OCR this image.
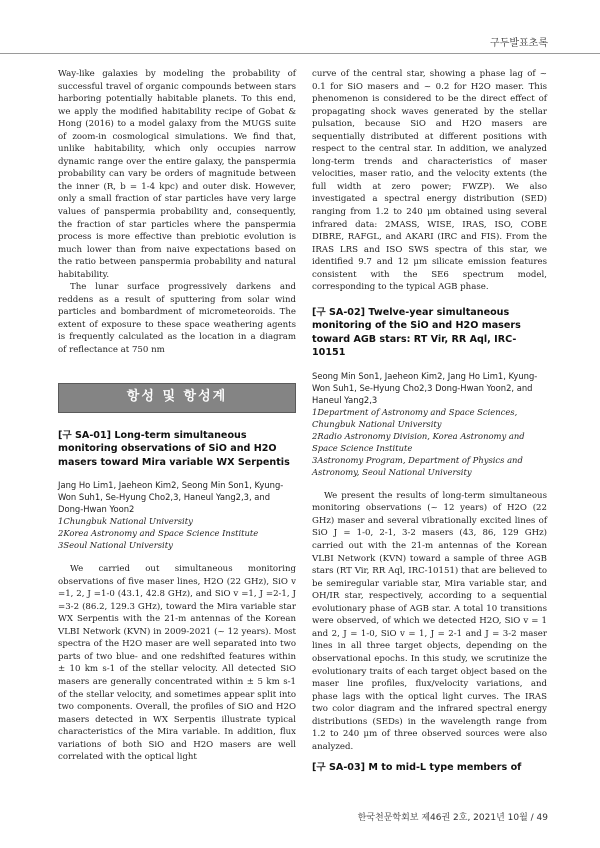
구두발표초록

Way-like galaxies by modeling the probability of successful travel of organic compounds between stars harboring potentially habitable planets. To this end, we apply the modified habitability recipe of Gobat & Hong (2016) to a model galaxy from the MUGS suite of zoom-in cosmological simulations. We find that, unlike habitability, which only occupies narrow dynamic range over the entire galaxy, the panspermia probability can vary be orders of magnitude between the inner (R, b = 1-4 kpc) and outer disk. However, only a small fraction of star particles have very large values of panspermia probability and, consequently, the fraction of star particles where the panspermia process is more effective than prebiotic evolution is much lower than from naive expectations based on the ratio between panspermia probability and natural habitability.

The lunar surface progressively darkens and reddens as a result of sputtering from solar wind particles and bombardment of micrometeoroids. The extent of exposure to these space weathering agents is frequently calculated as the location in a diagram of reflectance at 750 nm

항성 및 항성계
[구 SA-01] Long-term simultaneous monitoring observations of SiO and H2O masers toward Mira variable WX Serpentis
Jang Ho Lim1, Jaeheon Kim2, Seong Min Son1, Kyung-Won Suh1, Se-Hyung Cho2,3, Haneul Yang2,3, and Dong-Hwan Yoon2
1Chungbuk National University
2Korea Astronomy and Space Science Institute
3Seoul National University

We carried out simultaneous monitoring observations of five maser lines, H2O (22 GHz), SiO v =1, 2, J =1-0 (43.1, 42.8 GHz), and SiO v =1, J =2-1, J =3-2 (86.2, 129.3 GHz), toward the Mira variable star WX Serpentis with the 21-m antennas of the Korean VLBI Network (KVN) in 2009-2021 (~ 12 years). Most spectra of the H2O maser are well separated into two parts of two blue- and one redshifted features within ± 10 km s-1 of the stellar velocity. All detected SiO masers are generally concentrated within ± 5 km s-1 of the stellar velocity, and sometimes appear split into two components. Overall, the profiles of SiO and H2O masers detected in WX Serpentis illustrate typical characteristics of the Mira variable. In addition, flux variations of both SiO and H2O masers are well correlated with the optical light

curve of the central star, showing a phase lag of ~ 0.1 for SiO masers and ~ 0.2 for H2O maser. This phenomenon is considered to be the direct effect of propagating shock waves generated by the stellar pulsation, because SiO and H2O masers are sequentially distributed at different positions with respect to the central star. In addition, we analyzed long-term trends and characteristics of maser velocities, maser ratio, and the velocity extents (the full width at zero power; FWZP). We also investigated a spectral energy distribution (SED) ranging from 1.2 to 240 μm obtained using several infrared data: 2MASS, WISE, IRAS, ISO, COBE DIBRE, RAFGL, and AKARI (IRC and FIS). From the IRAS LRS and ISO SWS spectra of this star, we identified 9.7 and 12 μm silicate emission features consistent with the SE6 spectrum model, corresponding to the typical AGB phase.

[구 SA-02] Twelve-year simultaneous monitoring of the SiO and H2O masers toward AGB stars: RT Vir, RR Aql, IRC-10151
Seong Min Son1, Jaeheon Kim2, Jang Ho Lim1, Kyung-Won Suh1, Se-Hyung Cho2,3 Dong-Hwan Yoon2, and Haneul Yang2,3
1Department of Astronomy and Space Sciences, Chungbuk National University
2Radio Astronomy Division, Korea Astronomy and Space Science Institute
3Astronomy Program, Department of Physics and Astronomy, Seoul National University

We present the results of long-term simultaneous monitoring observations (~ 12 years) of H2O (22 GHz) maser and several vibrationally excited lines of SiO J = 1-0, 2-1, 3-2 masers (43, 86, 129 GHz) carried out with the 21-m antennas of the Korean VLBI Network (KVN) toward a sample of three AGB stars (RT Vir, RR Aql, IRC-10151) that are believed to be semiregular variable star, Mira variable star, and OH/IR star, respectively, according to a sequential evolutionary phase of AGB star. A total 10 transitions were observed, of which we detected H2O, SiO v = 1 and 2, J = 1-0, SiO v = 1, J = 2-1 and J = 3-2 maser lines in all three target objects, depending on the observational epochs. In this study, we scrutinize the evolutionary traits of each target object based on the maser line profiles, flux/velocity variations, and phase lags with the optical light curves. The IRAS two color diagram and the infrared spectral energy distributions (SEDs) in the wavelength range from 1.2 to 240 μm of three observed sources were also analyzed.

[구 SA-03] M to mid-L type members of
한국천문학회보 제46권 2호, 2021년 10월 / 49
